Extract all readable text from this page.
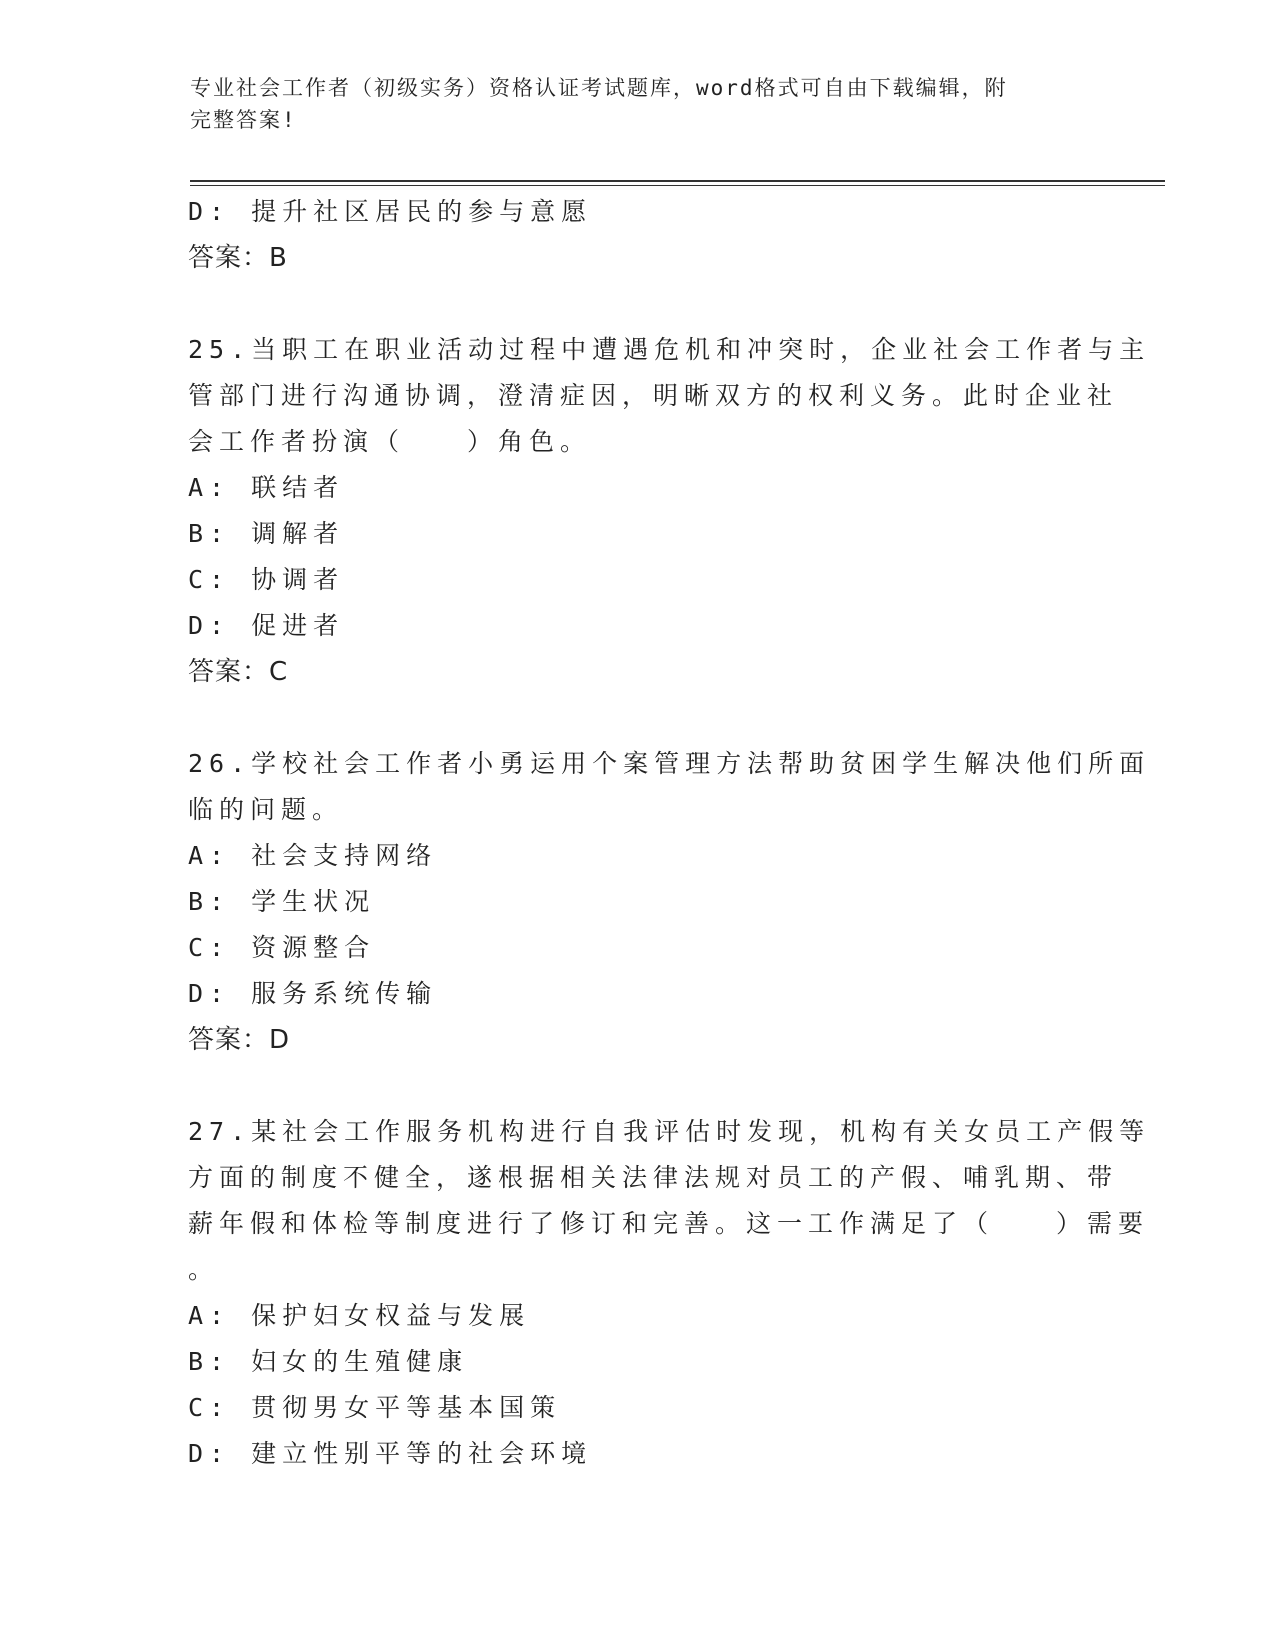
专业社会工作者（初级实务）资格认证考试题库，word格式可自由下载编辑，附
完整答案!
D: 提升社区居民的参与意愿
答案：B
25.当职工在职业活动过程中遭遇危机和冲突时，企业社会工作者与主
管部门进行沟通协调，澄清症因，明晰双方的权利义务。此时企业社
会工作者扮演（　　）角色。
A: 联结者
B: 调解者
C: 协调者
D: 促进者
答案：C
26.学校社会工作者小勇运用个案管理方法帮助贫困学生解决他们所面
临的问题。
A: 社会支持网络
B: 学生状况
C: 资源整合
D: 服务系统传输
答案：D
27.某社会工作服务机构进行自我评估时发现，机构有关女员工产假等
方面的制度不健全，遂根据相关法律法规对员工的产假、哺乳期、带
薪年假和体检等制度进行了修订和完善。这一工作满足了（　　）需要
。
A: 保护妇女权益与发展
B: 妇女的生殖健康
C: 贯彻男女平等基本国策
D: 建立性别平等的社会环境
